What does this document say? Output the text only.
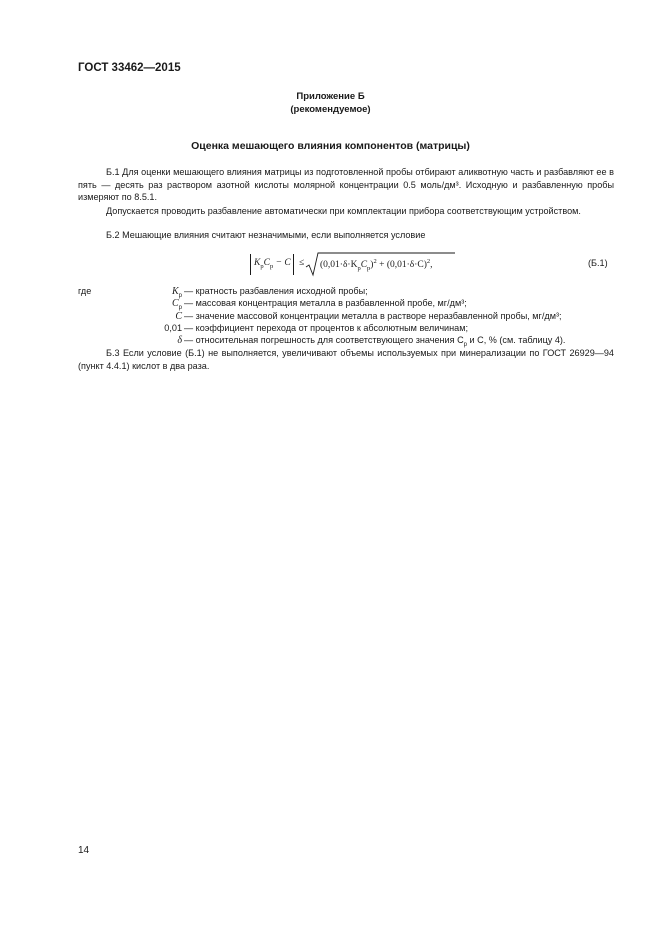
ГОСТ 33462—2015
Приложение Б
(рекомендуемое)
Оценка мешающего влияния компонентов (матрицы)
Б.1 Для оценки мешающего влияния матрицы из подготовленной пробы отбирают аликвотную часть и разбавляют ее в пять — десять раз раствором азотной кислоты молярной концентрации 0.5 моль/дм³. Исходную и разбавленную пробы измеряют по 8.5.1.
Допускается проводить разбавление автоматически при комплектации прибора соответствующим устройством.
Б.2 Мешающие влияния считают незначимыми, если выполняется условие
$K_pC_p - C \le (0,01\cdot\delta\cdot K_pC_p)^2 + (0,01\cdot\delta\cdot C)^2$,	(Б.1)
где	$K_p$ — кратность разбавления исходной пробы;
$C_p$ — массовая концентрация металла в разбавленной пробе, мг/дм³;
C — значение массовой концентрации металла в растворе неразбавленной пробы, мг/дм³;
0,01 — коэффициент перехода от процентов к абсолютным величинам;
δ — относительная погрешность для соответствующего значения $C_p$ и C, % (см. таблицу 4).
Б.3 Если условие (Б.1) не выполняется, увеличивают объемы используемых при минерализации по ГОСТ 26929—94 (пункт 4.4.1) кислот в два раза.
14
